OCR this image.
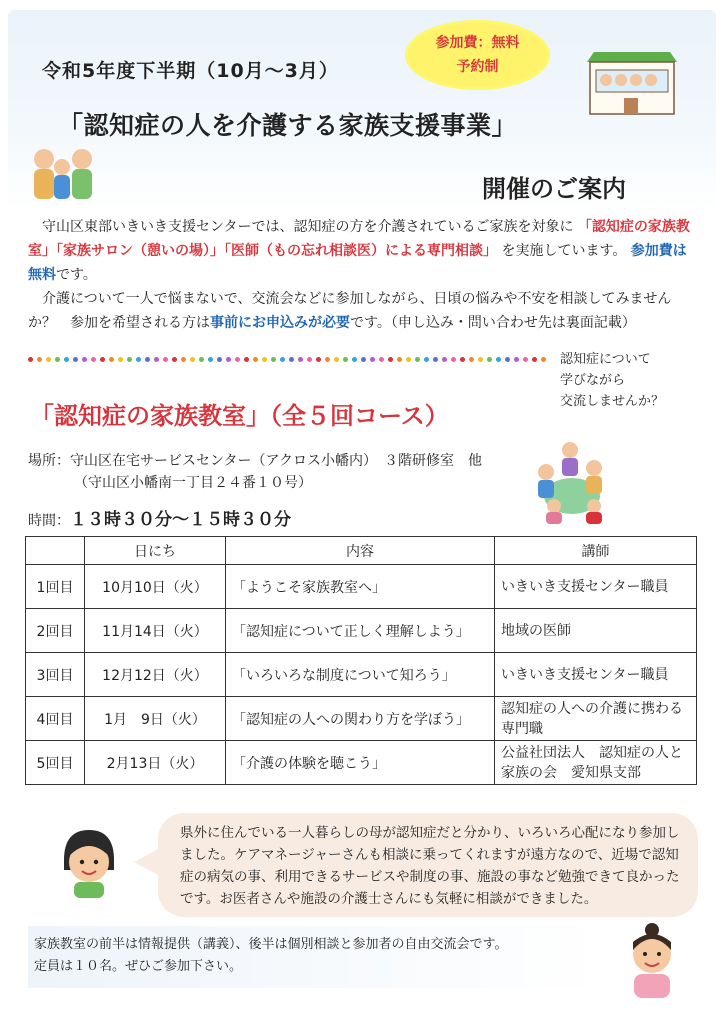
令和5年度下半期（10月～3月）
参加費：無料
予約制
「認知症の人を介護する家族支援事業」
開催のご案内

守山区東部いきいき支援センターでは、認知症の方を介護されているご家族を対象に 「認知症の家族教室」「家族サロン（憩いの場）」「医師（もの忘れ相談医）による専門相談」 を実施しています。 参加費は無料です。

介護について一人で悩まないで、交流会などに参加しながら、日頃の悩みや不安を相談してみませんか？　参加を希望される方は事前にお申込みが必要です。（申し込み・問い合わせ先は裏面記載）

認知症について
学びながら
交流しませんか？
「認知症の家族教室」（全５回コース）
場所：守山区在宅サービスセンター（アクロス小幡内）　３階研修室　他
（守山区小幡南一丁目２４番１０号）
時間：１３時３０分～１５時３０分
	日にち	内容	講師
1回目	10月10日（火）	「ようこそ家族教室へ」	いきいき支援センター職員
2回目	11月14日（火）	「認知症について正しく理解しよう」	地域の医師
3回目	12月12日（火）	「いろいろな制度について知ろう」	いきいき支援センター職員
4回目	1月　9日（火）	「認知症の人への関わり方を学ぼう」	認知症の人への介護に携わる専門職
5回目	2月13日（火）	「介護の体験を聴こう」	公益社団法人　認知症の人と家族の会　愛知県支部
県外に住んでいる一人暮らしの母が認知症だと分かり、いろいろ心配になり参加しました。ケアマネージャーさんも相談に乗ってくれますが遠方なので、近場で認知症の病気の事、利用できるサービスや制度の事、施設の事など勉強できて良かったです。お医者さんや施設の介護士さんにも気軽に相談ができました。
家族教室の前半は情報提供（講義）、後半は個別相談と参加者の自由交流会です。
定員は１０名。ぜひご参加下さい。
